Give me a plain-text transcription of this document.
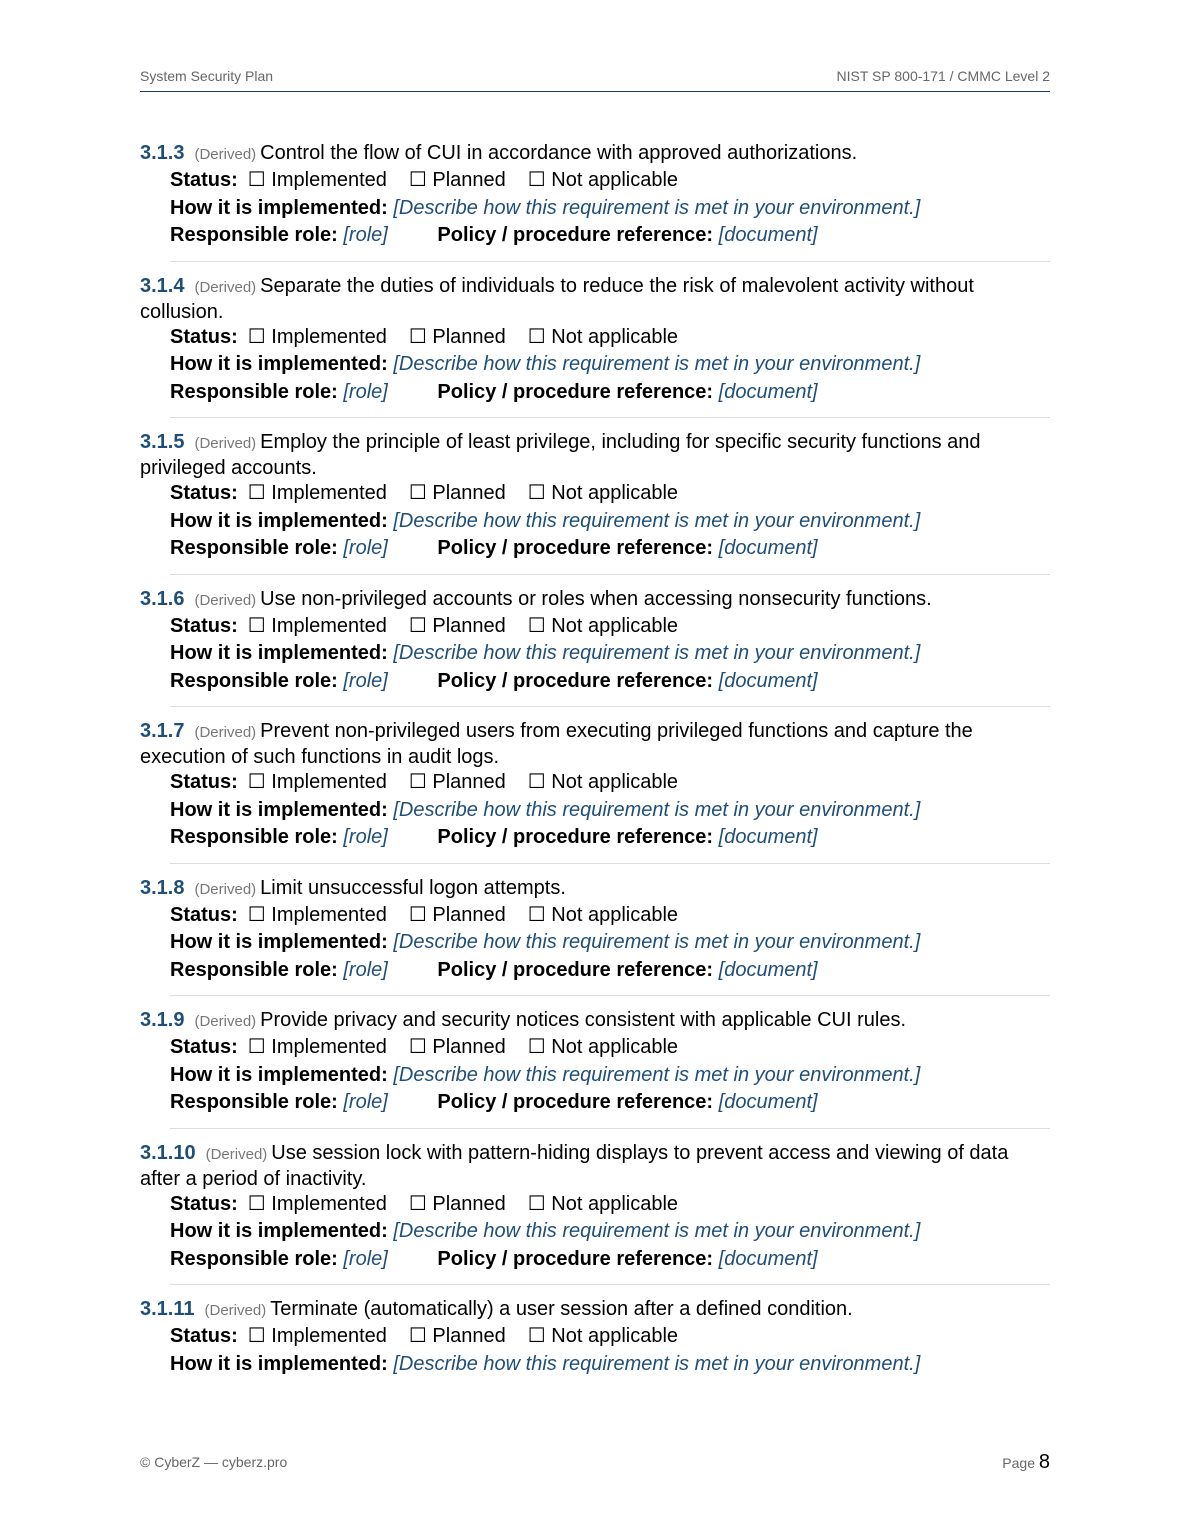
System Security Plan	NIST SP 800-171 / CMMC Level 2
3.1.3 (Derived) Control the flow of CUI in accordance with approved authorizations.
Status: ☐ Implemented ☐ Planned ☐ Not applicable
How it is implemented: [Describe how this requirement is met in your environment.]
Responsible role: [role] Policy / procedure reference: [document]
3.1.4 (Derived) Separate the duties of individuals to reduce the risk of malevolent activity without collusion.
Status: ☐ Implemented ☐ Planned ☐ Not applicable
How it is implemented: [Describe how this requirement is met in your environment.]
Responsible role: [role] Policy / procedure reference: [document]
3.1.5 (Derived) Employ the principle of least privilege, including for specific security functions and privileged accounts.
Status: ☐ Implemented ☐ Planned ☐ Not applicable
How it is implemented: [Describe how this requirement is met in your environment.]
Responsible role: [role] Policy / procedure reference: [document]
3.1.6 (Derived) Use non-privileged accounts or roles when accessing nonsecurity functions.
Status: ☐ Implemented ☐ Planned ☐ Not applicable
How it is implemented: [Describe how this requirement is met in your environment.]
Responsible role: [role] Policy / procedure reference: [document]
3.1.7 (Derived) Prevent non-privileged users from executing privileged functions and capture the execution of such functions in audit logs.
Status: ☐ Implemented ☐ Planned ☐ Not applicable
How it is implemented: [Describe how this requirement is met in your environment.]
Responsible role: [role] Policy / procedure reference: [document]
3.1.8 (Derived) Limit unsuccessful logon attempts.
Status: ☐ Implemented ☐ Planned ☐ Not applicable
How it is implemented: [Describe how this requirement is met in your environment.]
Responsible role: [role] Policy / procedure reference: [document]
3.1.9 (Derived) Provide privacy and security notices consistent with applicable CUI rules.
Status: ☐ Implemented ☐ Planned ☐ Not applicable
How it is implemented: [Describe how this requirement is met in your environment.]
Responsible role: [role] Policy / procedure reference: [document]
3.1.10 (Derived) Use session lock with pattern-hiding displays to prevent access and viewing of data after a period of inactivity.
Status: ☐ Implemented ☐ Planned ☐ Not applicable
How it is implemented: [Describe how this requirement is met in your environment.]
Responsible role: [role] Policy / procedure reference: [document]
3.1.11 (Derived) Terminate (automatically) a user session after a defined condition.
Status: ☐ Implemented ☐ Planned ☐ Not applicable
How it is implemented: [Describe how this requirement is met in your environment.]
© CyberZ — cyberz.pro	Page 8
